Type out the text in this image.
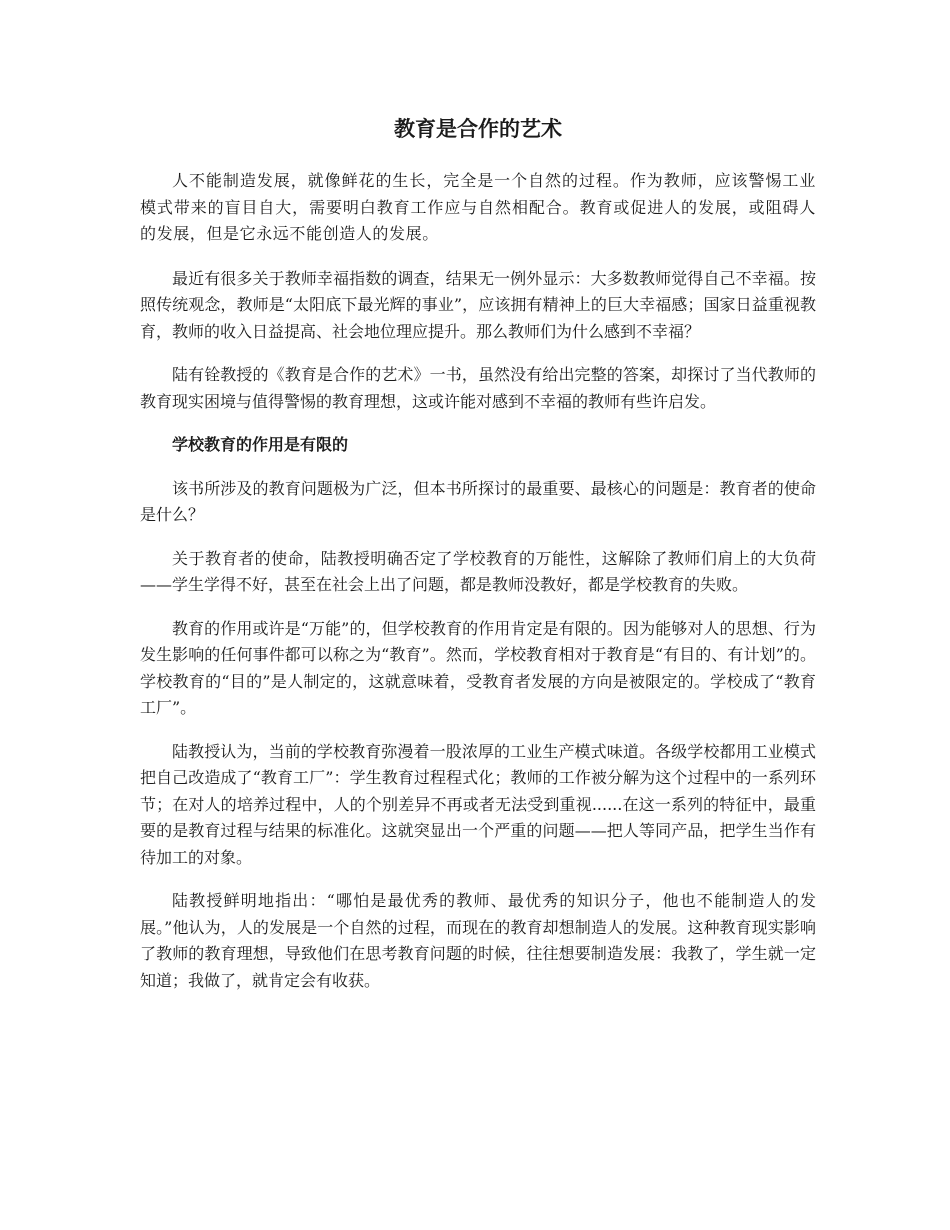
教育是合作的艺术

人不能制造发展，就像鲜花的生长，完全是一个自然的过程。作为教师，应该警惕工业模式带来的盲目自大，需要明白教育工作应与自然相配合。教育或促进人的发展，或阻碍人的发展，但是它永远不能创造人的发展。

最近有很多关于教师幸福指数的调查，结果无一例外显示：大多数教师觉得自己不幸福。按照传统观念，教师是“太阳底下最光辉的事业”，应该拥有精神上的巨大幸福感；国家日益重视教育，教师的收入日益提高、社会地位理应提升。那么教师们为什么感到不幸福？

陆有铨教授的《教育是合作的艺术》一书，虽然没有给出完整的答案，却探讨了当代教师的教育现实困境与值得警惕的教育理想，这或许能对感到不幸福的教师有些许启发。

学校教育的作用是有限的

该书所涉及的教育问题极为广泛，但本书所探讨的最重要、最核心的问题是：教育者的使命是什么？

关于教育者的使命，陆教授明确否定了学校教育的万能性，这解除了教师们肩上的大负荷——学生学得不好，甚至在社会上出了问题，都是教师没教好，都是学校教育的失败。

教育的作用或许是“万能”的，但学校教育的作用肯定是有限的。因为能够对人的思想、行为发生影响的任何事件都可以称之为“教育”。然而，学校教育相对于教育是“有目的、有计划”的。学校教育的“目的”是人制定的，这就意味着，受教育者发展的方向是被限定的。学校成了“教育工厂”。

陆教授认为，当前的学校教育弥漫着一股浓厚的工业生产模式味道。各级学校都用工业模式把自己改造成了“教育工厂”：学生教育过程程式化；教师的工作被分解为这个过程中的一系列环节；在对人的培养过程中，人的个别差异不再或者无法受到重视......在这一系列的特征中，最重要的是教育过程与结果的标准化。这就突显出一个严重的问题——把人等同产品，把学生当作有待加工的对象。

陆教授鲜明地指出：“哪怕是最优秀的教师、最优秀的知识分子，他也不能制造人的发展。”他认为，人的发展是一个自然的过程，而现在的教育却想制造人的发展。这种教育现实影响了教师的教育理想，导致他们在思考教育问题的时候，往往想要制造发展：我教了，学生就一定知道；我做了，就肯定会有收获。
